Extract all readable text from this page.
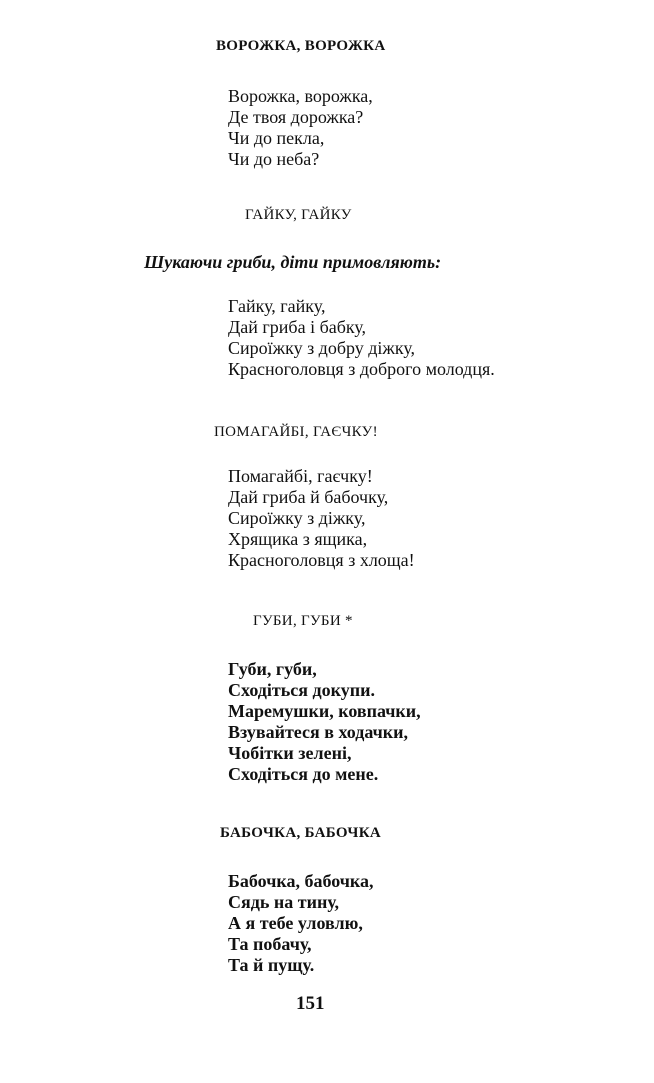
ВОРОЖКА, ВОРОЖКА
Ворожка, ворожка,
Де твоя дорожка?
Чи до пекла,
Чи до неба?
ГАЙКУ, ГАЙКУ

Шукаючи гриби, діти примовляють:

Гайку, гайку,
Дай гриба і бабку,
Сироїжку з добру діжку,
Красноголовця з доброго молодця.
ПОМАГАЙБІ, ГАЄЧКУ!
Помагайбі, гаєчку!
Дай гриба й бабочку,
Сироїжку з діжку,
Хрящика з ящика,
Красноголовця з хлоща!
ГУБИ, ГУБИ *
Губи, губи,
Сходіться докупи.
Маремушки, ковпачки,
Взувайтеся в ходачки,
Чобітки зелені,
Сходіться до мене.
БАБОЧКА, БАБОЧКА
Бабочка, бабочка,
Сядь на тину,
А я тебе уловлю,
Та побачу,
Та й пущу.
151
